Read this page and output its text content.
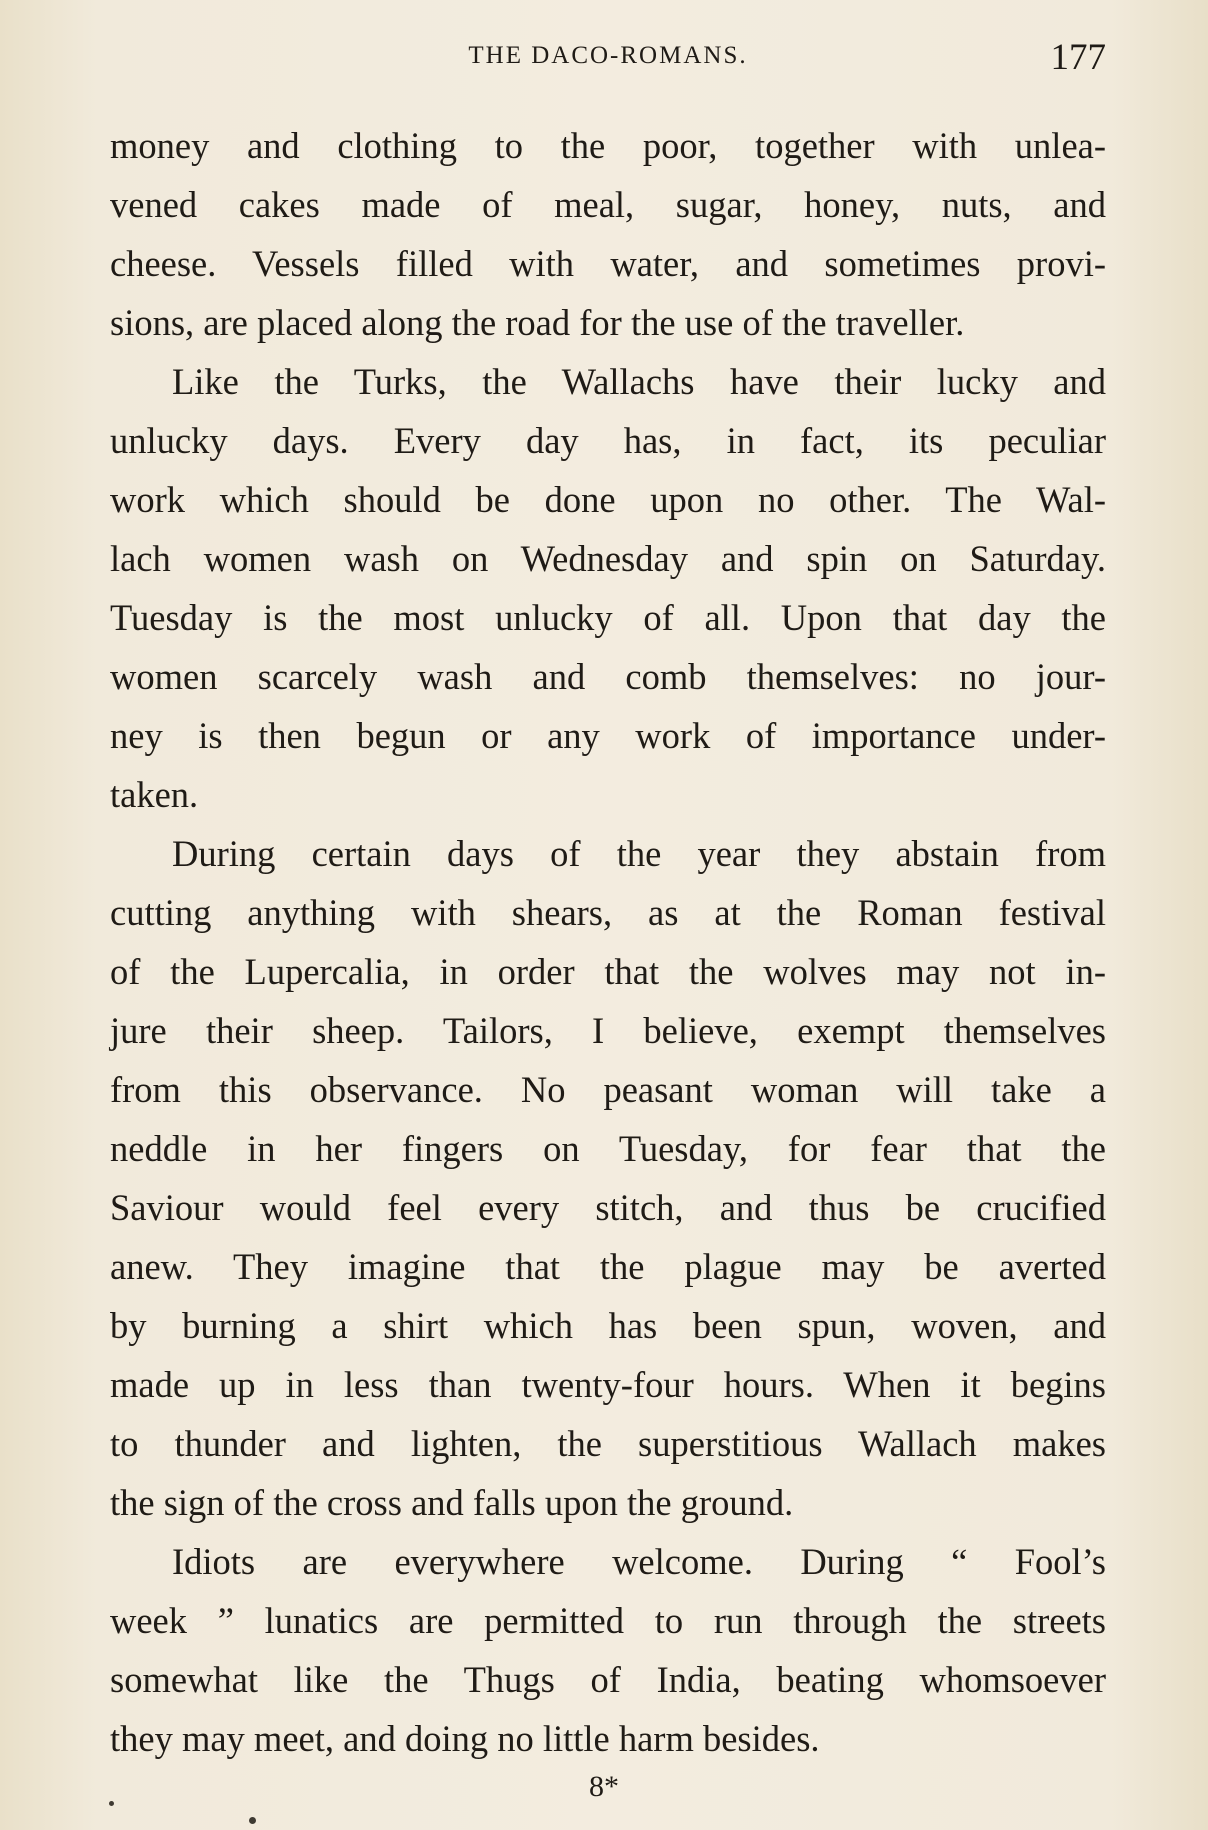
THE DACO-ROMANS.	177
money and clothing to the poor, together with unlea-
vened cakes made of meal, sugar, honey, nuts, and
cheese. Vessels filled with water, and sometimes provi-
sions, are placed along the road for the use of the traveller.
Like the Turks, the Wallachs have their lucky and
unlucky days. Every day has, in fact, its peculiar
work which should be done upon no other. The Wal-
lach women wash on Wednesday and spin on Saturday.
Tuesday is the most unlucky of all. Upon that day the
women scarcely wash and comb themselves: no jour-
ney is then begun or any work of importance under-
taken.
During certain days of the year they abstain from
cutting anything with shears, as at the Roman festival
of the Lupercalia, in order that the wolves may not in-
jure their sheep. Tailors, I believe, exempt themselves
from this observance. No peasant woman will take a
neddle in her fingers on Tuesday, for fear that the
Saviour would feel every stitch, and thus be crucified
anew. They imagine that the plague may be averted
by burning a shirt which has been spun, woven, and
made up in less than twenty-four hours. When it begins
to thunder and lighten, the superstitious Wallach makes
the sign of the cross and falls upon the ground.
Idiots are everywhere welcome. During “ Fool’s
week ” lunatics are permitted to run through the streets
somewhat like the Thugs of India, beating whomsoever
they may meet, and doing no little harm besides.
8*
